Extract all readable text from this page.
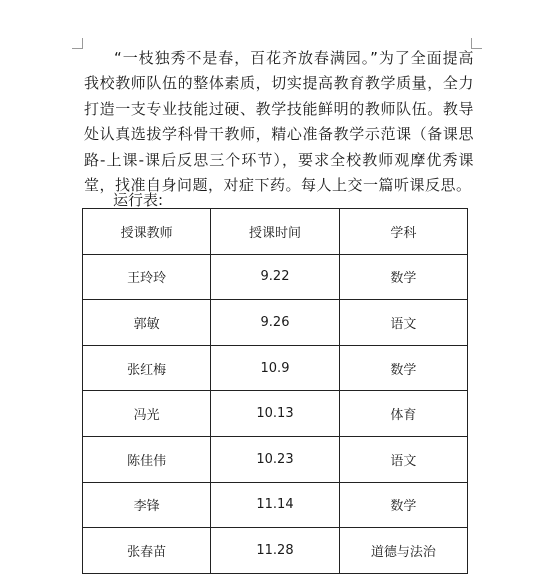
“一枝独秀不是春，百花齐放春满园。”为了全面提高我校教师队伍的整体素质，切实提高教育教学质量，全力打造一支专业技能过硬、教学技能鲜明的教师队伍。教导处认真选拔学科骨干教师，精心准备教学示范课（备课思路-上课-课后反思三个环节），要求全校教师观摩优秀课堂，找准自身问题，对症下药。每人上交一篇听课反思。

运行表:
授课教师	授课时间	学科
王玲玲	9.22	数学
郭敏	9.26	语文
张红梅	10.9	数学
冯光	10.13	体育
陈佳伟	10.23	语文
李锋	11.14	数学
张春苗	11.28	道德与法治
